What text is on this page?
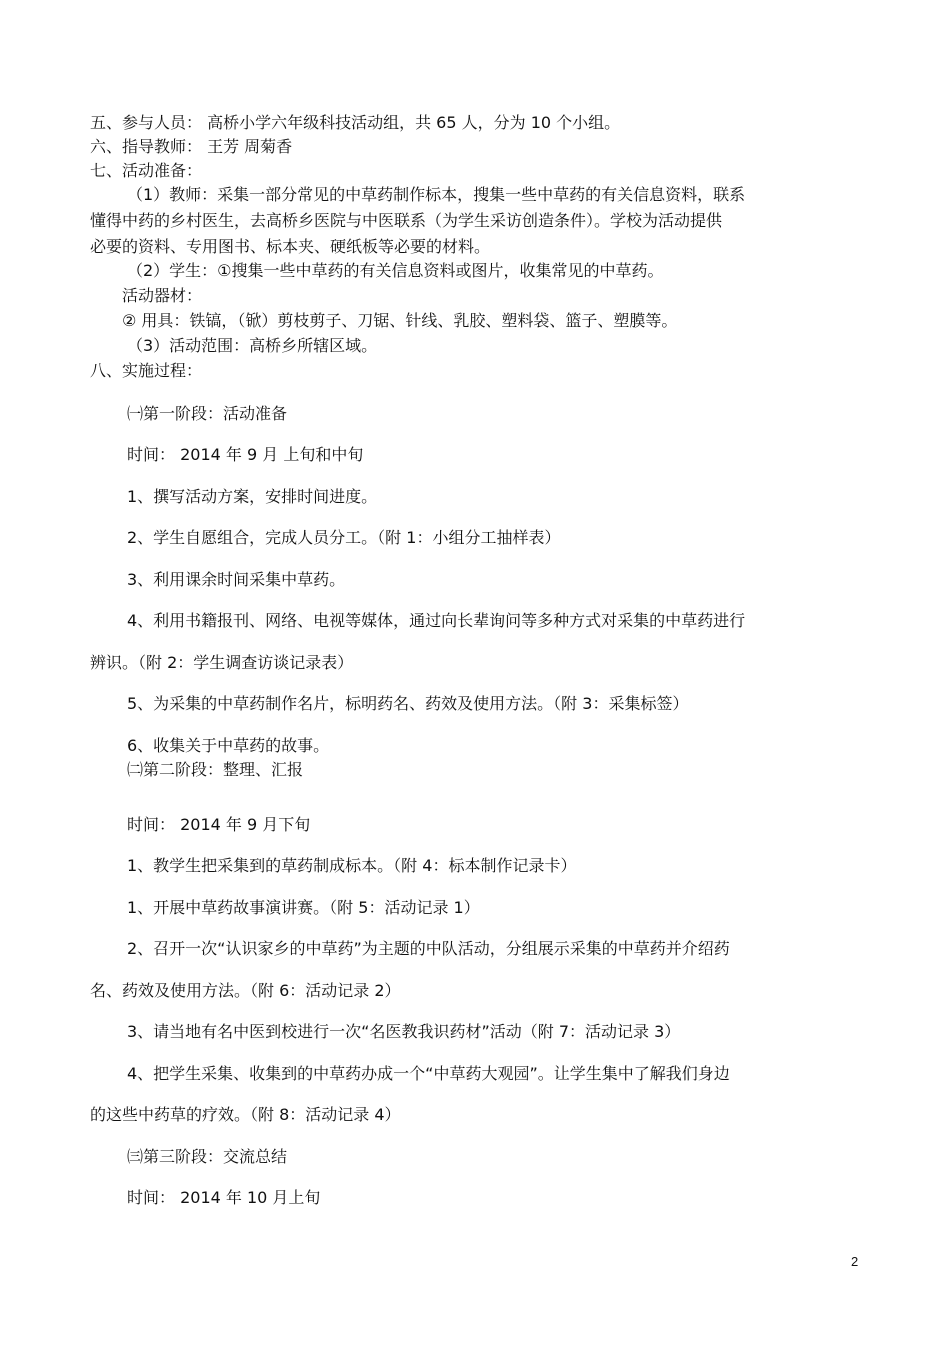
五、参与人员： 高桥小学六年级科技活动组，共 65 人，分为 10 个小组。
六、指导教师： 王芳 周菊香
七、活动准备：
（1）教师：采集一部分常见的中草药制作标本，搜集一些中草药的有关信息资料，联系
懂得中药的乡村医生，去高桥乡医院与中医联系（为学生采访创造条件）。学校为活动提供
必要的资料、专用图书、标本夹、硬纸板等必要的材料。
（2）学生：①搜集一些中草药的有关信息资料或图片，收集常见的中草药。
活动器材：
② 用具：铁镐，（锨）剪枝剪子、刀锯、针线、乳胶、塑料袋、篮子、塑膜等。
（3）活动范围：高桥乡所辖区域。
八、实施过程：
㈠第一阶段：活动准备
时间： 2014 年 9 月 上旬和中旬
1、撰写活动方案，安排时间进度。
2、学生自愿组合，完成人员分工。（附 1：小组分工抽样表）
3、利用课余时间采集中草药。
4、利用书籍报刊、网络、电视等媒体，通过向长辈询问等多种方式对采集的中草药进行
辨识。（附 2：学生调查访谈记录表）
5、为采集的中草药制作名片，标明药名、药效及使用方法。（附 3：采集标签）
6、收集关于中草药的故事。
㈡第二阶段：整理、汇报
时间： 2014 年 9 月下旬
1、教学生把采集到的草药制成标本。（附 4：标本制作记录卡）
1、开展中草药故事演讲赛。（附 5：活动记录 1）
2、召开一次“认识家乡的中草药”为主题的中队活动，分组展示采集的中草药并介绍药
名、药效及使用方法。（附 6：活动记录 2）
3、请当地有名中医到校进行一次“名医教我识药材”活动（附 7：活动记录 3）
4、把学生采集、收集到的中草药办成一个“中草药大观园”。让学生集中了解我们身边
的这些中药草的疗效。（附 8：活动记录 4）
㈢第三阶段：交流总结
时间： 2014 年 10 月上旬
2
